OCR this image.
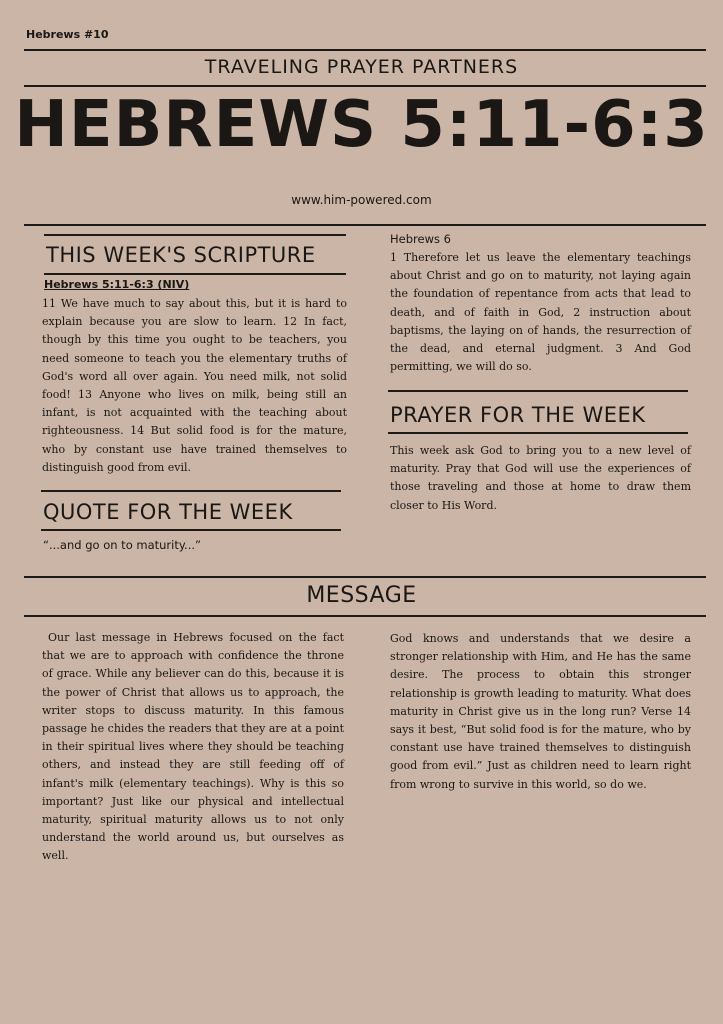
Hebrews #10
TRAVELING PRAYER PARTNERS
HEBREWS 5:11-6:3
www.him-powered.com
THIS WEEK'S SCRIPTURE
Hebrews 5:11-6:3 (NIV)
11 We have much to say about this, but it is hard to explain because you are slow to learn. 12 In fact, though by this time you ought to be teachers, you need someone to teach you the elementary truths of God's word all over again. You need milk, not solid food! 13 Anyone who lives on milk, being still an infant, is not acquainted with the teaching about righteousness. 14 But solid food is for the mature, who by constant use have trained themselves to distinguish good from evil.
QUOTE FOR THE WEEK
“...and go on to maturity...”
Hebrews 6
1 Therefore let us leave the elementary teachings about Christ and go on to maturity, not laying again the foundation of repentance from acts that lead to death, and of faith in God, 2 instruction about baptisms, the laying on of hands, the resurrection of the dead, and eternal judgment. 3 And God permitting, we will do so.
PRAYER FOR THE WEEK
This week ask God to bring you to a new level of maturity. Pray that God will use the experiences of those traveling and those at home to draw them closer to His Word.
MESSAGE
Our last message in Hebrews focused on the fact that we are to approach with confidence the throne of grace. While any believer can do this, because it is the power of Christ that allows us to approach, the writer stops to discuss maturity. In this famous passage he chides the readers that they are at a point in their spiritual lives where they should be teaching others, and instead they are still feeding off of infant's milk (elementary teachings). Why is this so important? Just like our physical and intellectual maturity, spiritual maturity allows us to not only understand the world around us, but ourselves as well.
God knows and understands that we desire a stronger relationship with Him, and He has the same desire. The process to obtain this stronger relationship is growth leading to maturity. What does maturity in Christ give us in the long run? Verse 14 says it best, “But solid food is for the mature, who by constant use have trained themselves to distinguish good from evil.” Just as children need to learn right from wrong to survive in this world, so do we.
